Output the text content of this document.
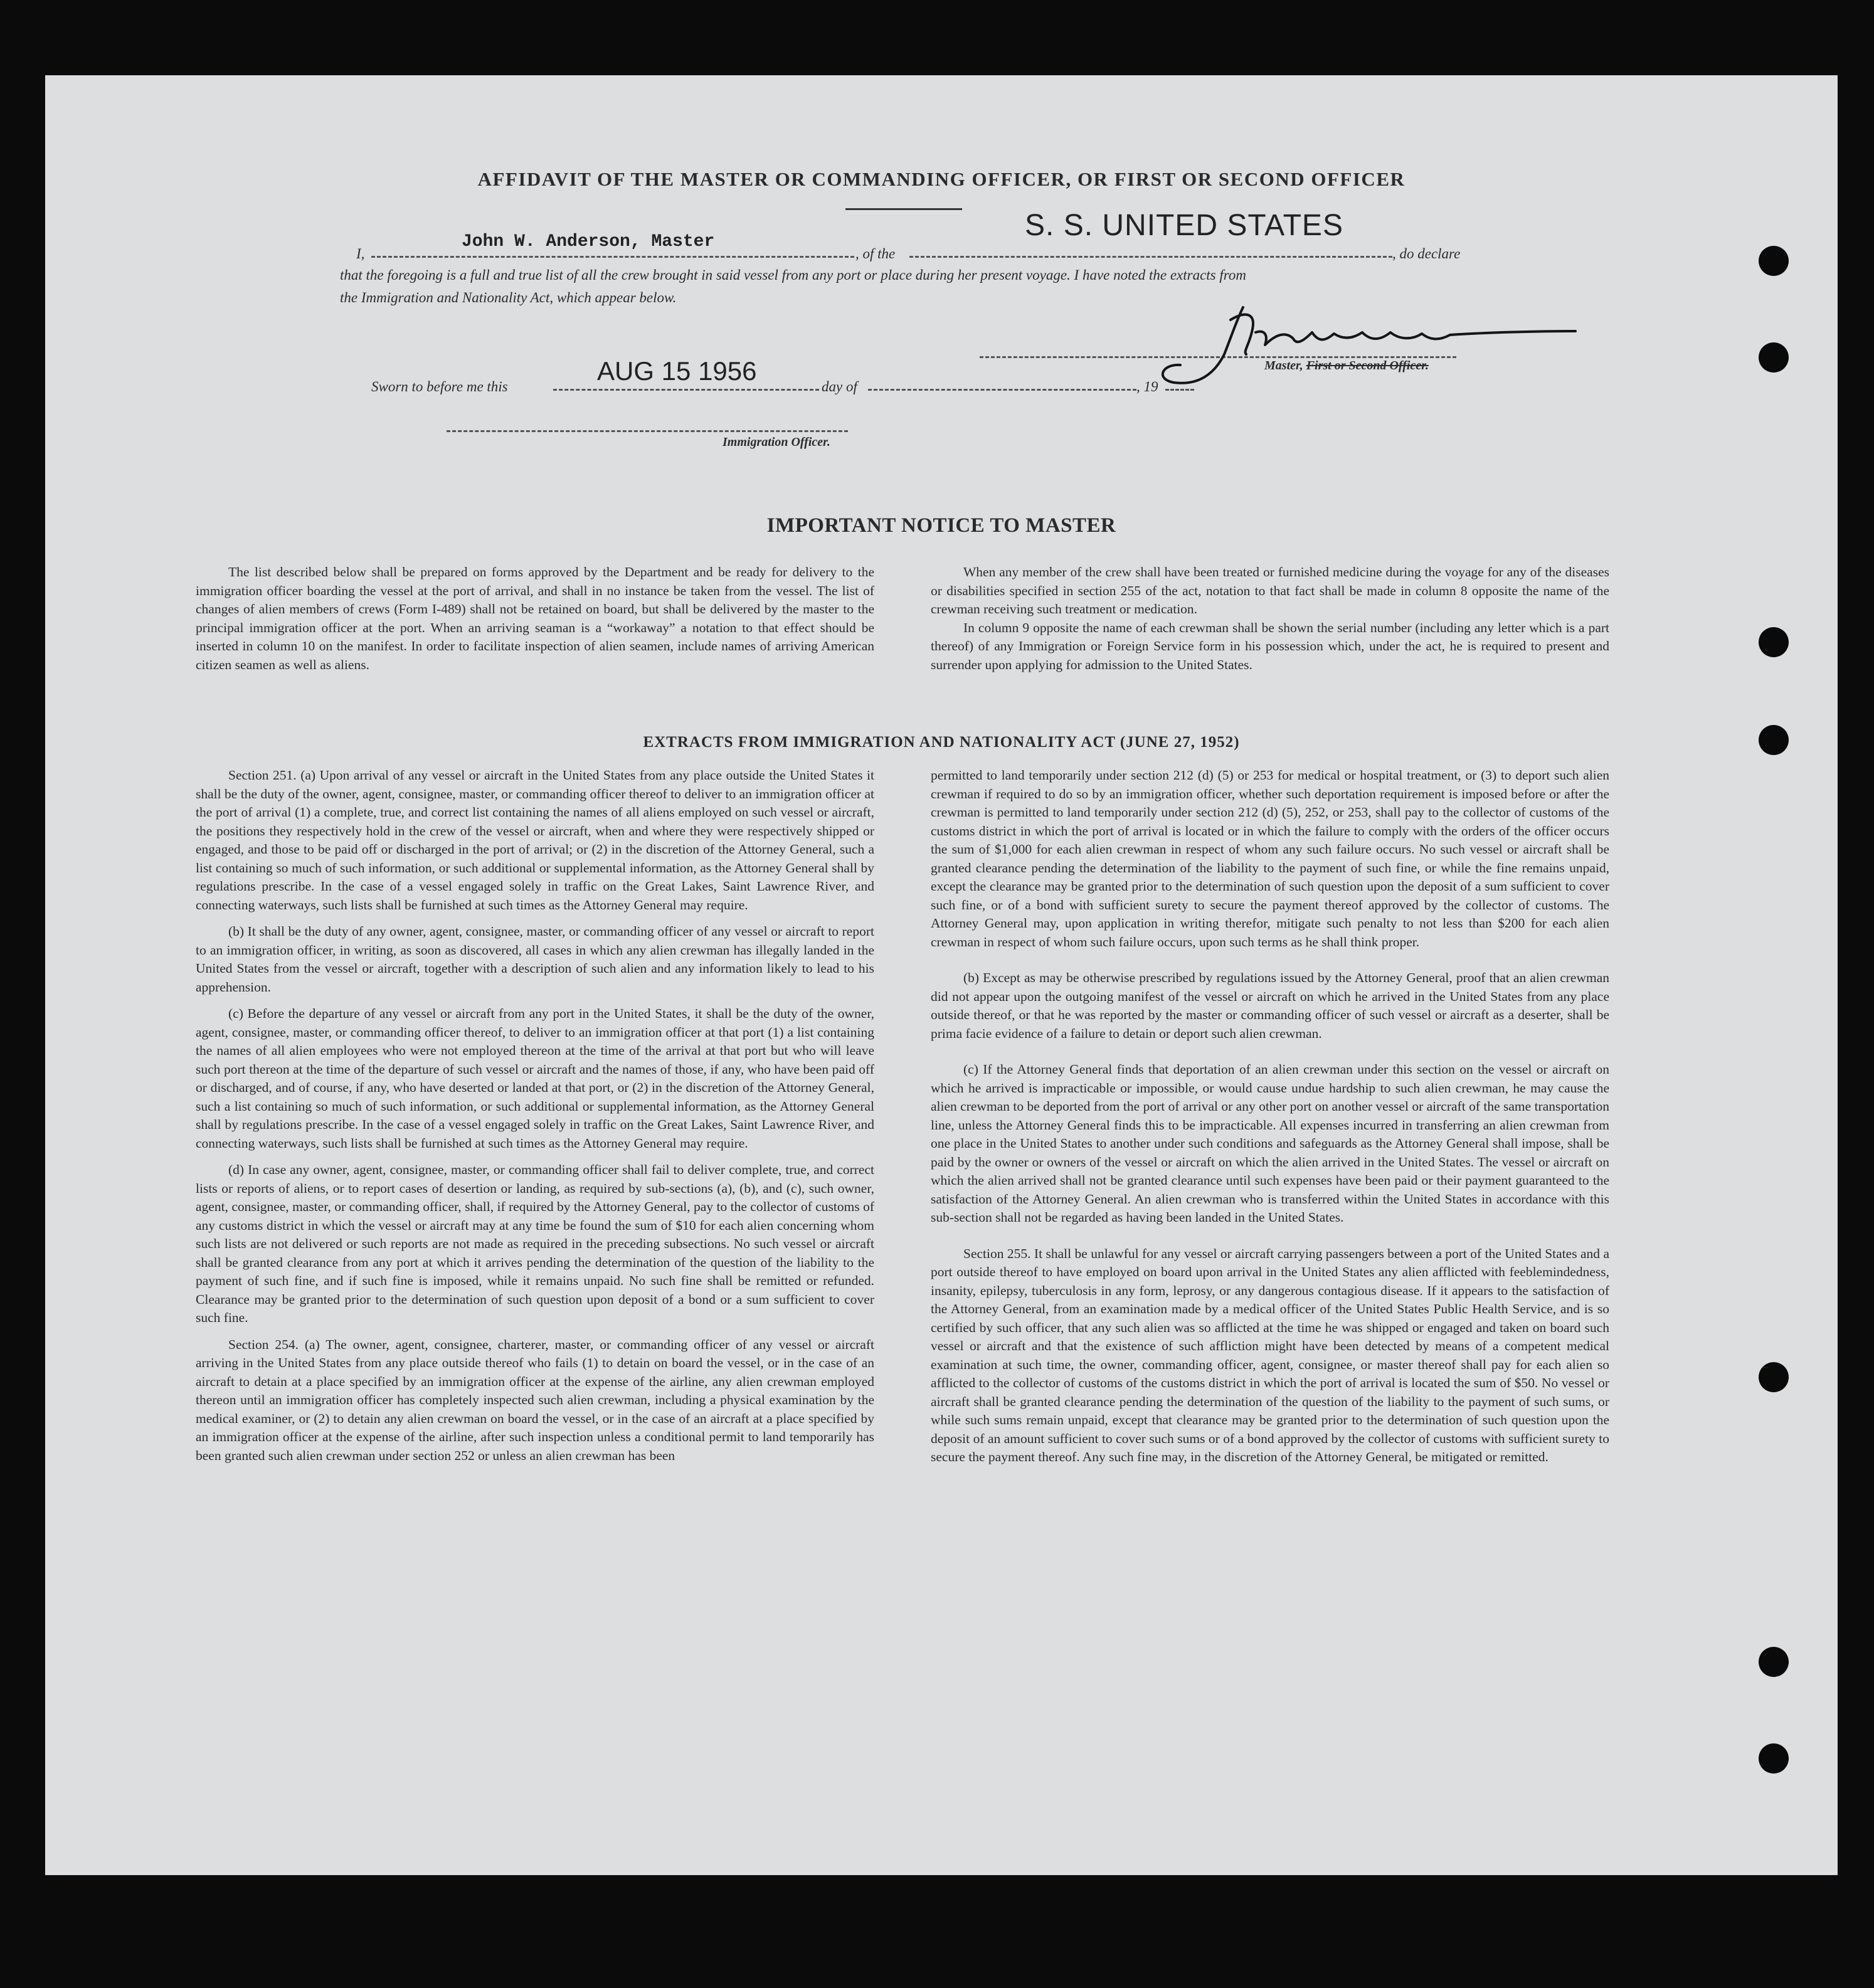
AFFIDAVIT OF THE MASTER OR COMMANDING OFFICER, OR FIRST OR SECOND OFFICER
I,
John W. Anderson, Master
, of the
S. S. UNITED STATES
, do declare
that the foregoing is a full and true list of all the crew brought in said vessel from any port or place during her present voyage. I have noted the extracts from
the Immigration and Nationality Act, which appear below.
Sworn to before me this
AUG 15 1956
day of	, 19
Master, First or Second Officer.
Immigration Officer.
IMPORTANT NOTICE TO MASTER

The list described below shall be prepared on forms approved by the Department and be ready for delivery to the immigration officer boarding the vessel at the port of arrival, and shall in no instance be taken from the vessel. The list of changes of alien members of crews (Form I-489) shall not be retained on board, but shall be delivered by the master to the principal immigration officer at the port. When an arriving seaman is a “workaway” a notation to that effect should be inserted in column 10 on the manifest. In order to facilitate inspection of alien seamen, include names of arriving American citizen seamen as well as aliens.

When any member of the crew shall have been treated or furnished medicine during the voyage for any of the diseases or disabilities specified in section 255 of the act, notation to that fact shall be made in column 8 opposite the name of the crewman receiving such treatment or medication.

In column 9 opposite the name of each crewman shall be shown the serial number (including any letter which is a part thereof) of any Immigration or Foreign Service form in his possession which, under the act, he is required to present and surrender upon applying for admission to the United States.

EXTRACTS FROM IMMIGRATION AND NATIONALITY ACT (JUNE 27, 1952)

Section 251. (a) Upon arrival of any vessel or aircraft in the United States from any place outside the United States it shall be the duty of the owner, agent, consignee, master, or commanding officer thereof to deliver to an immigration officer at the port of arrival (1) a complete, true, and correct list containing the names of all aliens employed on such vessel or aircraft, the positions they respectively hold in the crew of the vessel or aircraft, when and where they were respectively shipped or engaged, and those to be paid off or discharged in the port of arrival; or (2) in the discretion of the Attorney General, such a list containing so much of such information, or such additional or supplemental information, as the Attorney General shall by regulations prescribe. In the case of a vessel engaged solely in traffic on the Great Lakes, Saint Lawrence River, and connecting waterways, such lists shall be furnished at such times as the Attorney General may require.

(b) It shall be the duty of any owner, agent, consignee, master, or commanding officer of any vessel or aircraft to report to an immigration officer, in writing, as soon as discovered, all cases in which any alien crewman has illegally landed in the United States from the vessel or aircraft, together with a description of such alien and any information likely to lead to his apprehension.

(c) Before the departure of any vessel or aircraft from any port in the United States, it shall be the duty of the owner, agent, consignee, master, or commanding officer thereof, to deliver to an immigration officer at that port (1) a list containing the names of all alien employees who were not employed thereon at the time of the arrival at that port but who will leave such port thereon at the time of the departure of such vessel or aircraft and the names of those, if any, who have been paid off or discharged, and of course, if any, who have deserted or landed at that port, or (2) in the discretion of the Attorney General, such a list containing so much of such information, or such additional or supplemental information, as the Attorney General shall by regulations prescribe. In the case of a vessel engaged solely in traffic on the Great Lakes, Saint Lawrence River, and connecting waterways, such lists shall be furnished at such times as the Attorney General may require.

(d) In case any owner, agent, consignee, master, or commanding officer shall fail to deliver complete, true, and correct lists or reports of aliens, or to report cases of desertion or landing, as required by sub-sections (a), (b), and (c), such owner, agent, consignee, master, or commanding officer, shall, if required by the Attorney General, pay to the collector of customs of any customs district in which the vessel or aircraft may at any time be found the sum of $10 for each alien concerning whom such lists are not delivered or such reports are not made as required in the preceding subsections. No such vessel or aircraft shall be granted clearance from any port at which it arrives pending the determination of the question of the liability to the payment of such fine, and if such fine is imposed, while it remains unpaid. No such fine shall be remitted or refunded. Clearance may be granted prior to the determination of such question upon deposit of a bond or a sum sufficient to cover such fine.

Section 254. (a) The owner, agent, consignee, charterer, master, or commanding officer of any vessel or aircraft arriving in the United States from any place outside thereof who fails (1) to detain on board the vessel, or in the case of an aircraft to detain at a place specified by an immigration officer at the expense of the airline, any alien crewman employed thereon until an immigration officer has completely inspected such alien crewman, including a physical examination by the medical examiner, or (2) to detain any alien crewman on board the vessel, or in the case of an aircraft at a place specified by an immigration officer at the expense of the airline, after such inspection unless a conditional permit to land temporarily has been granted such alien crewman under section 252 or unless an alien crewman has been

permitted to land temporarily under section 212 (d) (5) or 253 for medical or hospital treatment, or (3) to deport such alien crewman if required to do so by an immigration officer, whether such deportation requirement is imposed before or after the crewman is permitted to land temporarily under section 212 (d) (5), 252, or 253, shall pay to the collector of customs of the customs district in which the port of arrival is located or in which the failure to comply with the orders of the officer occurs the sum of $1,000 for each alien crewman in respect of whom any such failure occurs. No such vessel or aircraft shall be granted clearance pending the determination of the liability to the payment of such fine, or while the fine remains unpaid, except the clearance may be granted prior to the determination of such question upon the deposit of a sum sufficient to cover such fine, or of a bond with sufficient surety to secure the payment thereof approved by the collector of customs. The Attorney General may, upon application in writing therefor, mitigate such penalty to not less than $200 for each alien crewman in respect of whom such failure occurs, upon such terms as he shall think proper.

(b) Except as may be otherwise prescribed by regulations issued by the Attorney General, proof that an alien crewman did not appear upon the outgoing manifest of the vessel or aircraft on which he arrived in the United States from any place outside thereof, or that he was reported by the master or commanding officer of such vessel or aircraft as a deserter, shall be prima facie evidence of a failure to detain or deport such alien crewman.

(c) If the Attorney General finds that deportation of an alien crewman under this section on the vessel or aircraft on which he arrived is impracticable or impossible, or would cause undue hardship to such alien crewman, he may cause the alien crewman to be deported from the port of arrival or any other port on another vessel or aircraft of the same transportation line, unless the Attorney General finds this to be impracticable. All expenses incurred in transferring an alien crewman from one place in the United States to another under such conditions and safeguards as the Attorney General shall impose, shall be paid by the owner or owners of the vessel or aircraft on which the alien arrived in the United States. The vessel or aircraft on which the alien arrived shall not be granted clearance until such expenses have been paid or their payment guaranteed to the satisfaction of the Attorney General. An alien crewman who is transferred within the United States in accordance with this sub-section shall not be regarded as having been landed in the United States.

Section 255. It shall be unlawful for any vessel or aircraft carrying passengers between a port of the United States and a port outside thereof to have employed on board upon arrival in the United States any alien afflicted with feeblemindedness, insanity, epilepsy, tuberculosis in any form, leprosy, or any dangerous contagious disease. If it appears to the satisfaction of the Attorney General, from an examination made by a medical officer of the United States Public Health Service, and is so certified by such officer, that any such alien was so afflicted at the time he was shipped or engaged and taken on board such vessel or aircraft and that the existence of such affliction might have been detected by means of a competent medical examination at such time, the owner, commanding officer, agent, consignee, or master thereof shall pay for each alien so afflicted to the collector of customs of the customs district in which the port of arrival is located the sum of $50. No vessel or aircraft shall be granted clearance pending the determination of the question of the liability to the payment of such sums, or while such sums remain unpaid, except that clearance may be granted prior to the determination of such question upon the deposit of an amount sufficient to cover such sums or of a bond approved by the collector of customs with sufficient surety to secure the payment thereof. Any such fine may, in the discretion of the Attorney General, be mitigated or remitted.
